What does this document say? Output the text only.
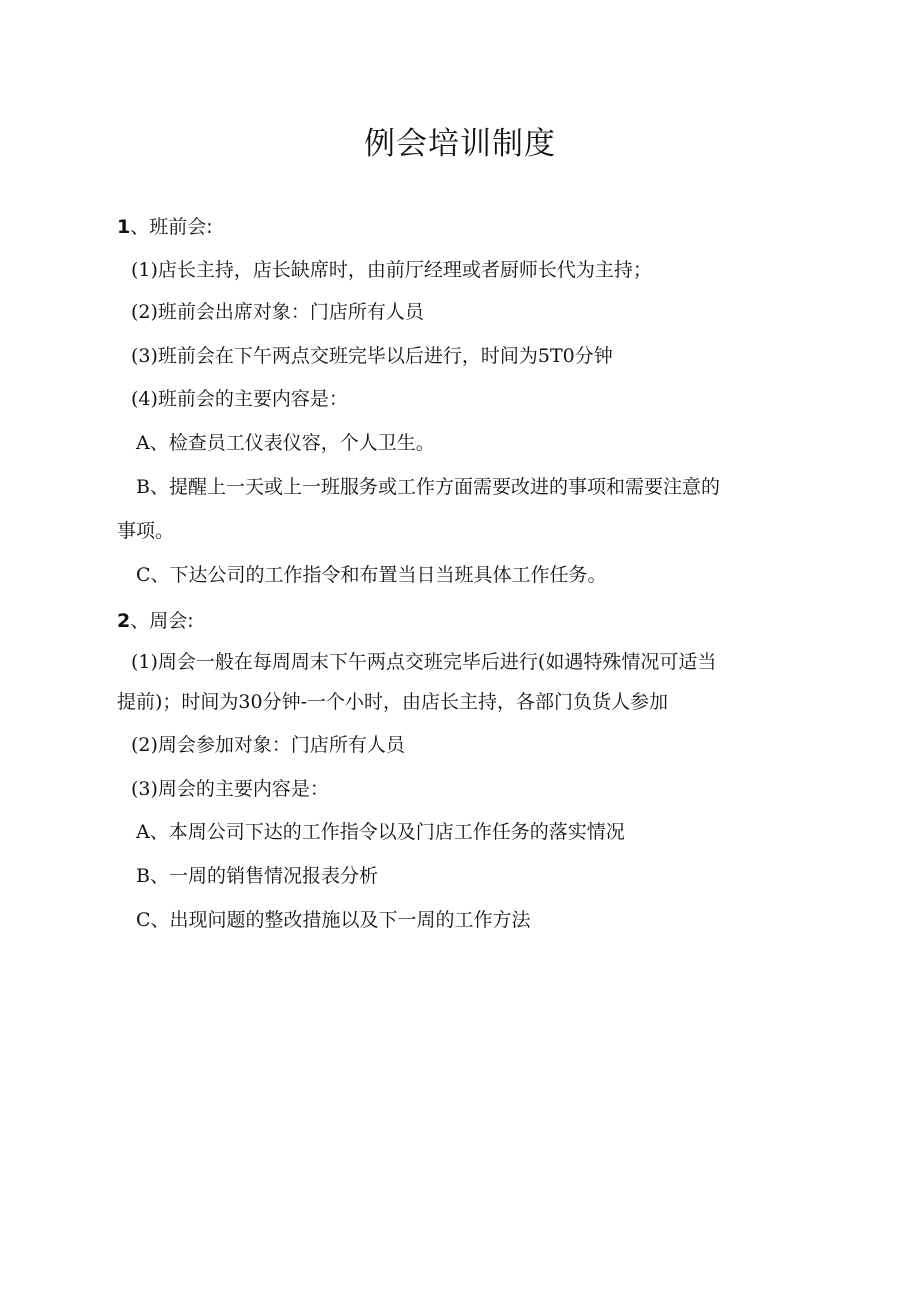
例会培训制度
1、班前会:
(1)店长主持，店长缺席时，由前厅经理或者厨师长代为主持；
(2)班前会出席对象：门店所有人员
(3)班前会在下午两点交班完毕以后进行，时间为5T0分钟
(4)班前会的主要内容是：
A、检查员工仪表仪容，个人卫生。
B、提醒上一天或上一班服务或工作方面需要改进的事项和需要注意的
事项。
C、下达公司的工作指令和布置当日当班具体工作任务。
2、周会:
(1)周会一般在每周周末下午两点交班完毕后进行(如遇特殊情况可适当
提前)；时间为30分钟-一个小时，由店长主持，各部门负货人参加
(2)周会参加对象：门店所有人员
(3)周会的主要内容是：
A、本周公司下达的工作指令以及门店工作任务的落实情况
B、一周的销售情况报表分析
C、出现问题的整改措施以及下一周的工作方法
